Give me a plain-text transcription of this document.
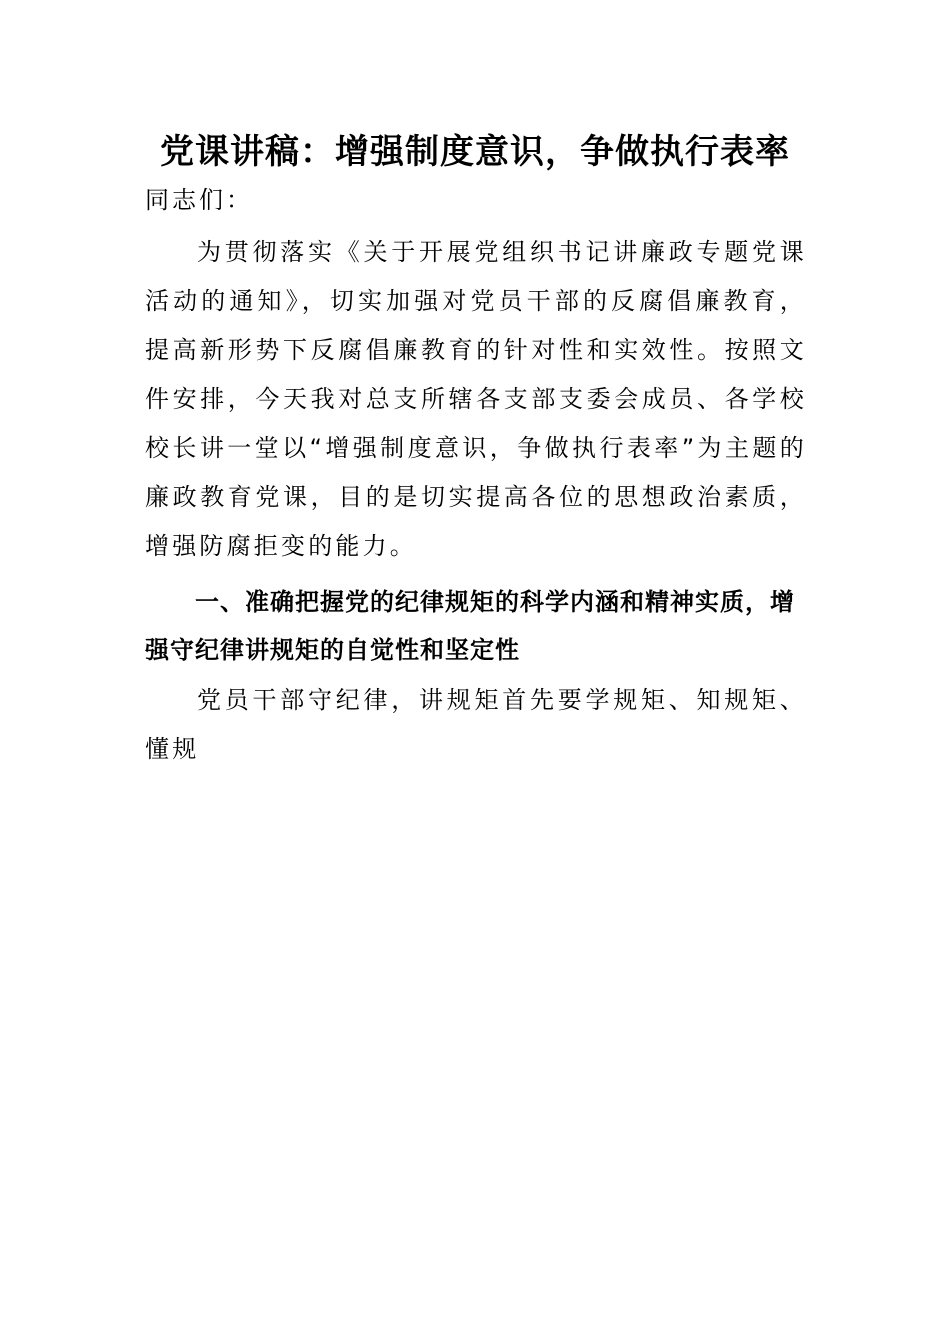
党课讲稿：增强制度意识，争做执行表率
同志们：

为贯彻落实《关于开展党组织书记讲廉政专题党课活动的通知》，切实加强对党员干部的反腐倡廉教育，提高新形势下反腐倡廉教育的针对性和实效性。按照文件安排，今天我对总支所辖各支部支委会成员、各学校校长讲一堂以“增强制度意识，争做执行表率”为主题的廉政教育党课，目的是切实提高各位的思想政治素质，增强防腐拒变的能力。

一、准确把握党的纪律规矩的科学内涵和精神实质，增强守纪律讲规矩的自觉性和坚定性

党员干部守纪律，讲规矩首先要学规矩、知规矩、懂规
